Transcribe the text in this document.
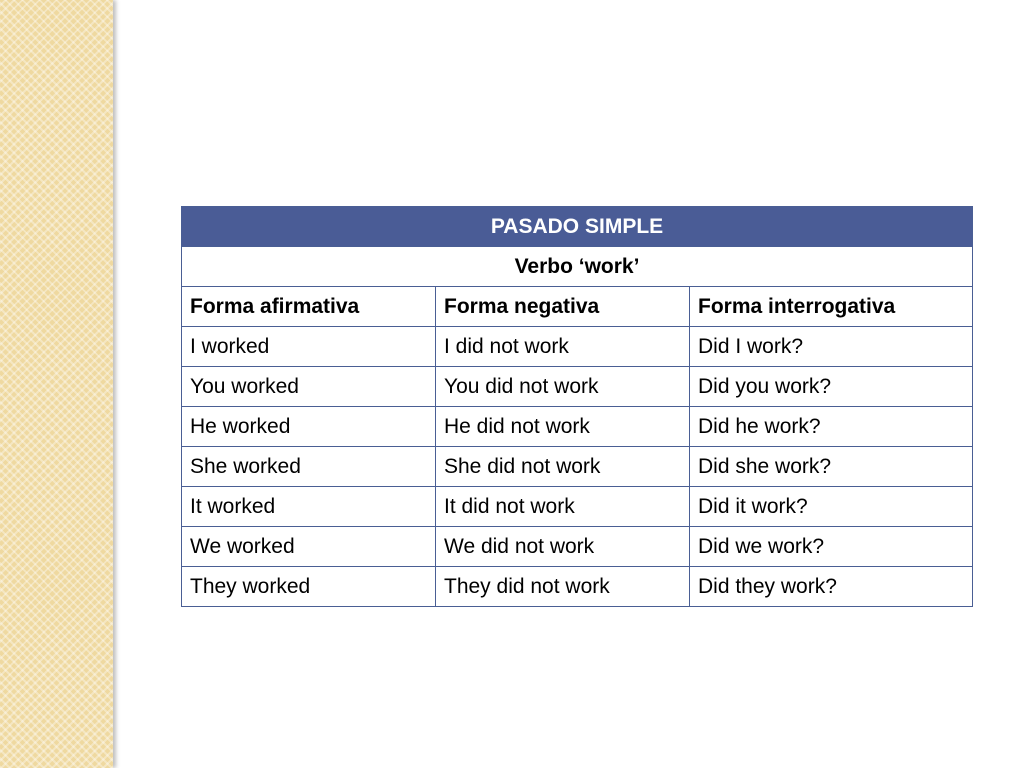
PASADO SIMPLE		
Verbo ‘work’		
Forma afirmativa	Forma negativa	Forma interrogativa
I worked	I did not work	Did I work?
You worked	You did not work	Did you work?
He worked	He did not work	Did he work?
She worked	She did not work	Did she work?
It worked	It did not work	Did it work?
We worked	We did not work	Did we work?
They worked	They did not work	Did they work?
